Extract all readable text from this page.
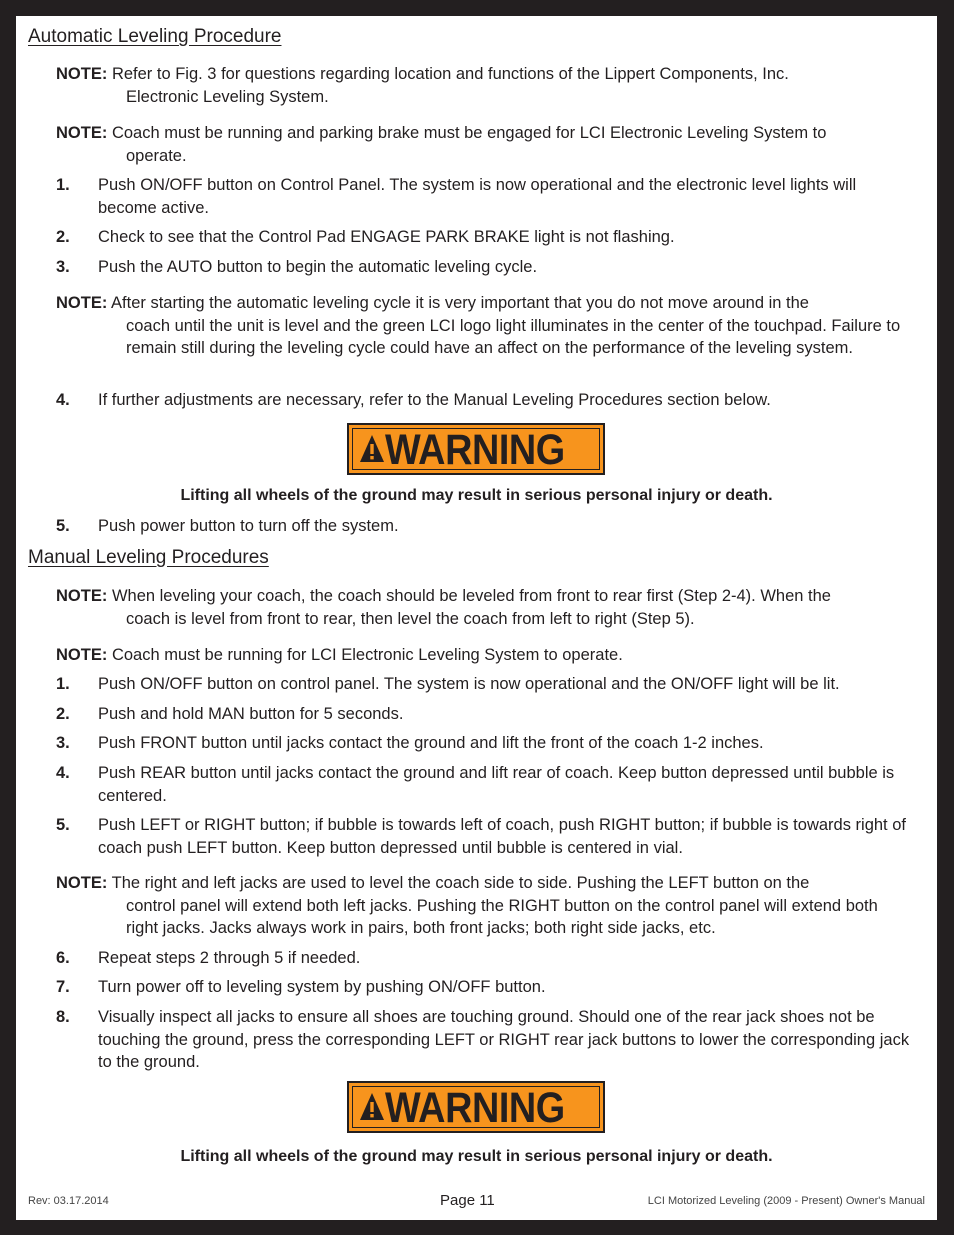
Automatic Leveling Procedure
NOTE: Refer to Fig. 3 for questions regarding location and functions of the Lippert Components, Inc.
Electronic Leveling System.
NOTE: Coach must be running and parking brake must be engaged for LCI Electronic Leveling System to
operate.
1. Push ON/OFF button on Control Panel. The system is now operational and the electronic level lights will become active.
2. Check to see that the Control Pad ENGAGE PARK BRAKE light is not flashing.
3. Push the AUTO button to begin the automatic leveling cycle.
NOTE: After starting the automatic leveling cycle it is very important that you do not move around in the
coach until the unit is level and the green LCI logo light illuminates in the center of the touchpad. Failure to remain still during the leveling cycle could have an affect on the performance of the leveling system.
4. If further adjustments are necessary, refer to the Manual Leveling Procedures section below.
WARNING
Lifting all wheels of the ground may result in serious personal injury or death.
5. Push power button to turn off the system.
Manual Leveling Procedures
NOTE: When leveling your coach, the coach should be leveled from front to rear first (Step 2-4). When the
coach is level from front to rear, then level the coach from left to right (Step 5).
NOTE: Coach must be running for LCI Electronic Leveling System to operate.
1. Push ON/OFF button on control panel. The system is now operational and the ON/OFF light will be lit.
2. Push and hold MAN button for 5 seconds.
3. Push FRONT button until jacks contact the ground and lift the front of the coach 1-2 inches.
4. Push REAR button until jacks contact the ground and lift rear of coach. Keep button depressed until bubble is centered.
5. Push LEFT or RIGHT button; if bubble is towards left of coach, push RIGHT button; if bubble is towards right of coach push LEFT button. Keep button depressed until bubble is centered in vial.
NOTE: The right and left jacks are used to level the coach side to side. Pushing the LEFT button on the
control panel will extend both left jacks. Pushing the RIGHT button on the control panel will extend both right jacks. Jacks always work in pairs, both front jacks; both right side jacks, etc.
6. Repeat steps 2 through 5 if needed.
7. Turn power off to leveling system by pushing ON/OFF button.
8. Visually inspect all jacks to ensure all shoes are touching ground. Should one of the rear jack shoes not be touching the ground, press the corresponding LEFT or RIGHT rear jack buttons to lower the corresponding jack to the ground.
WARNING
Lifting all wheels of the ground may result in serious personal injury or death.
Rev: 03.17.2014	Page 11	LCI Motorized Leveling (2009 - Present) Owner's Manual
